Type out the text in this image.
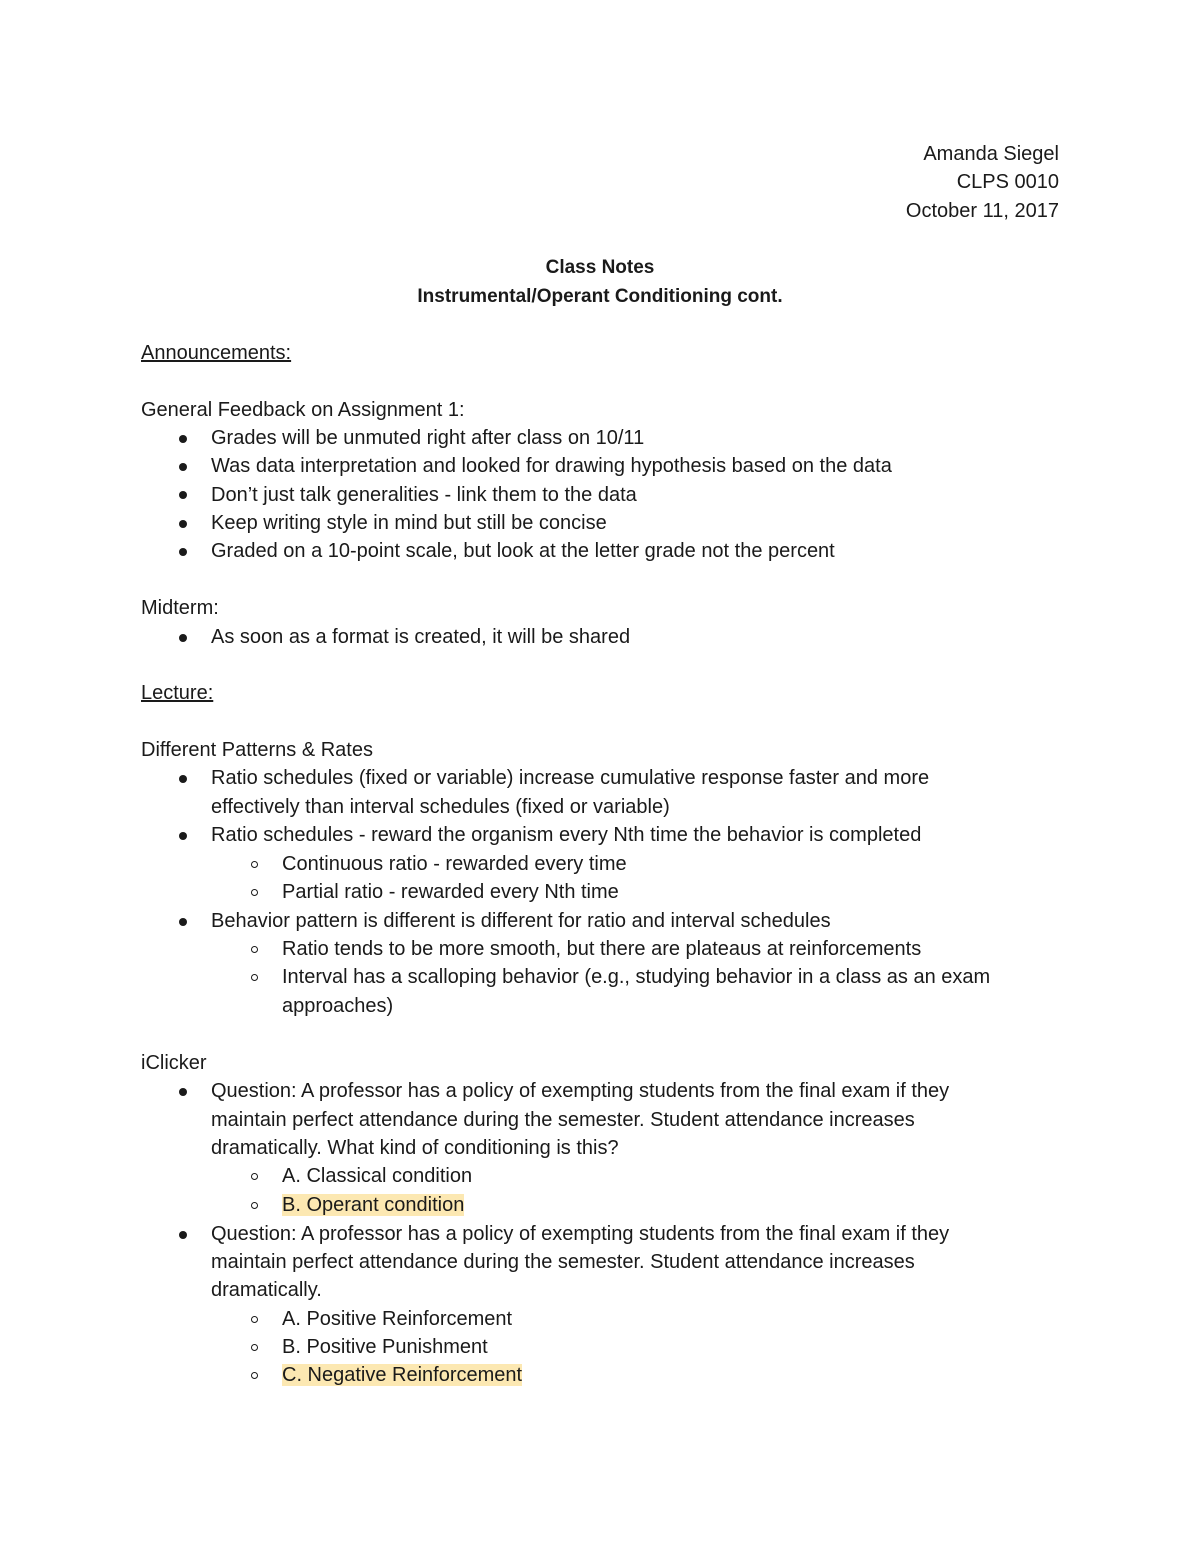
Amanda Siegel
CLPS 0010
October 11, 2017
Class Notes
Instrumental/Operant Conditioning cont.
Announcements:
General Feedback on Assignment 1:
Grades will be unmuted right after class on 10/11
Was data interpretation and looked for drawing hypothesis based on the data
Don’t just talk generalities - link them to the data
Keep writing style in mind but still be concise
Graded on a 10-point scale, but look at the letter grade not the percent
Midterm:
As soon as a format is created, it will be shared
Lecture:
Different Patterns & Rates
Ratio schedules (fixed or variable) increase cumulative response faster and more
effectively than interval schedules (fixed or variable)
Ratio schedules - reward the organism every Nth time the behavior is completed
Continuous ratio - rewarded every time
Partial ratio - rewarded every Nth time
Behavior pattern is different is different for ratio and interval schedules
Ratio tends to be more smooth, but there are plateaus at reinforcements
Interval has a scalloping behavior (e.g., studying behavior in a class as an exam
approaches)
iClicker
Question: A professor has a policy of exempting students from the final exam if they
maintain perfect attendance during the semester. Student attendance increases
dramatically. What kind of conditioning is this?
A. Classical condition
B. Operant condition
Question: A professor has a policy of exempting students from the final exam if they
maintain perfect attendance during the semester. Student attendance increases
dramatically.
A. Positive Reinforcement
B. Positive Punishment
C. Negative Reinforcement
